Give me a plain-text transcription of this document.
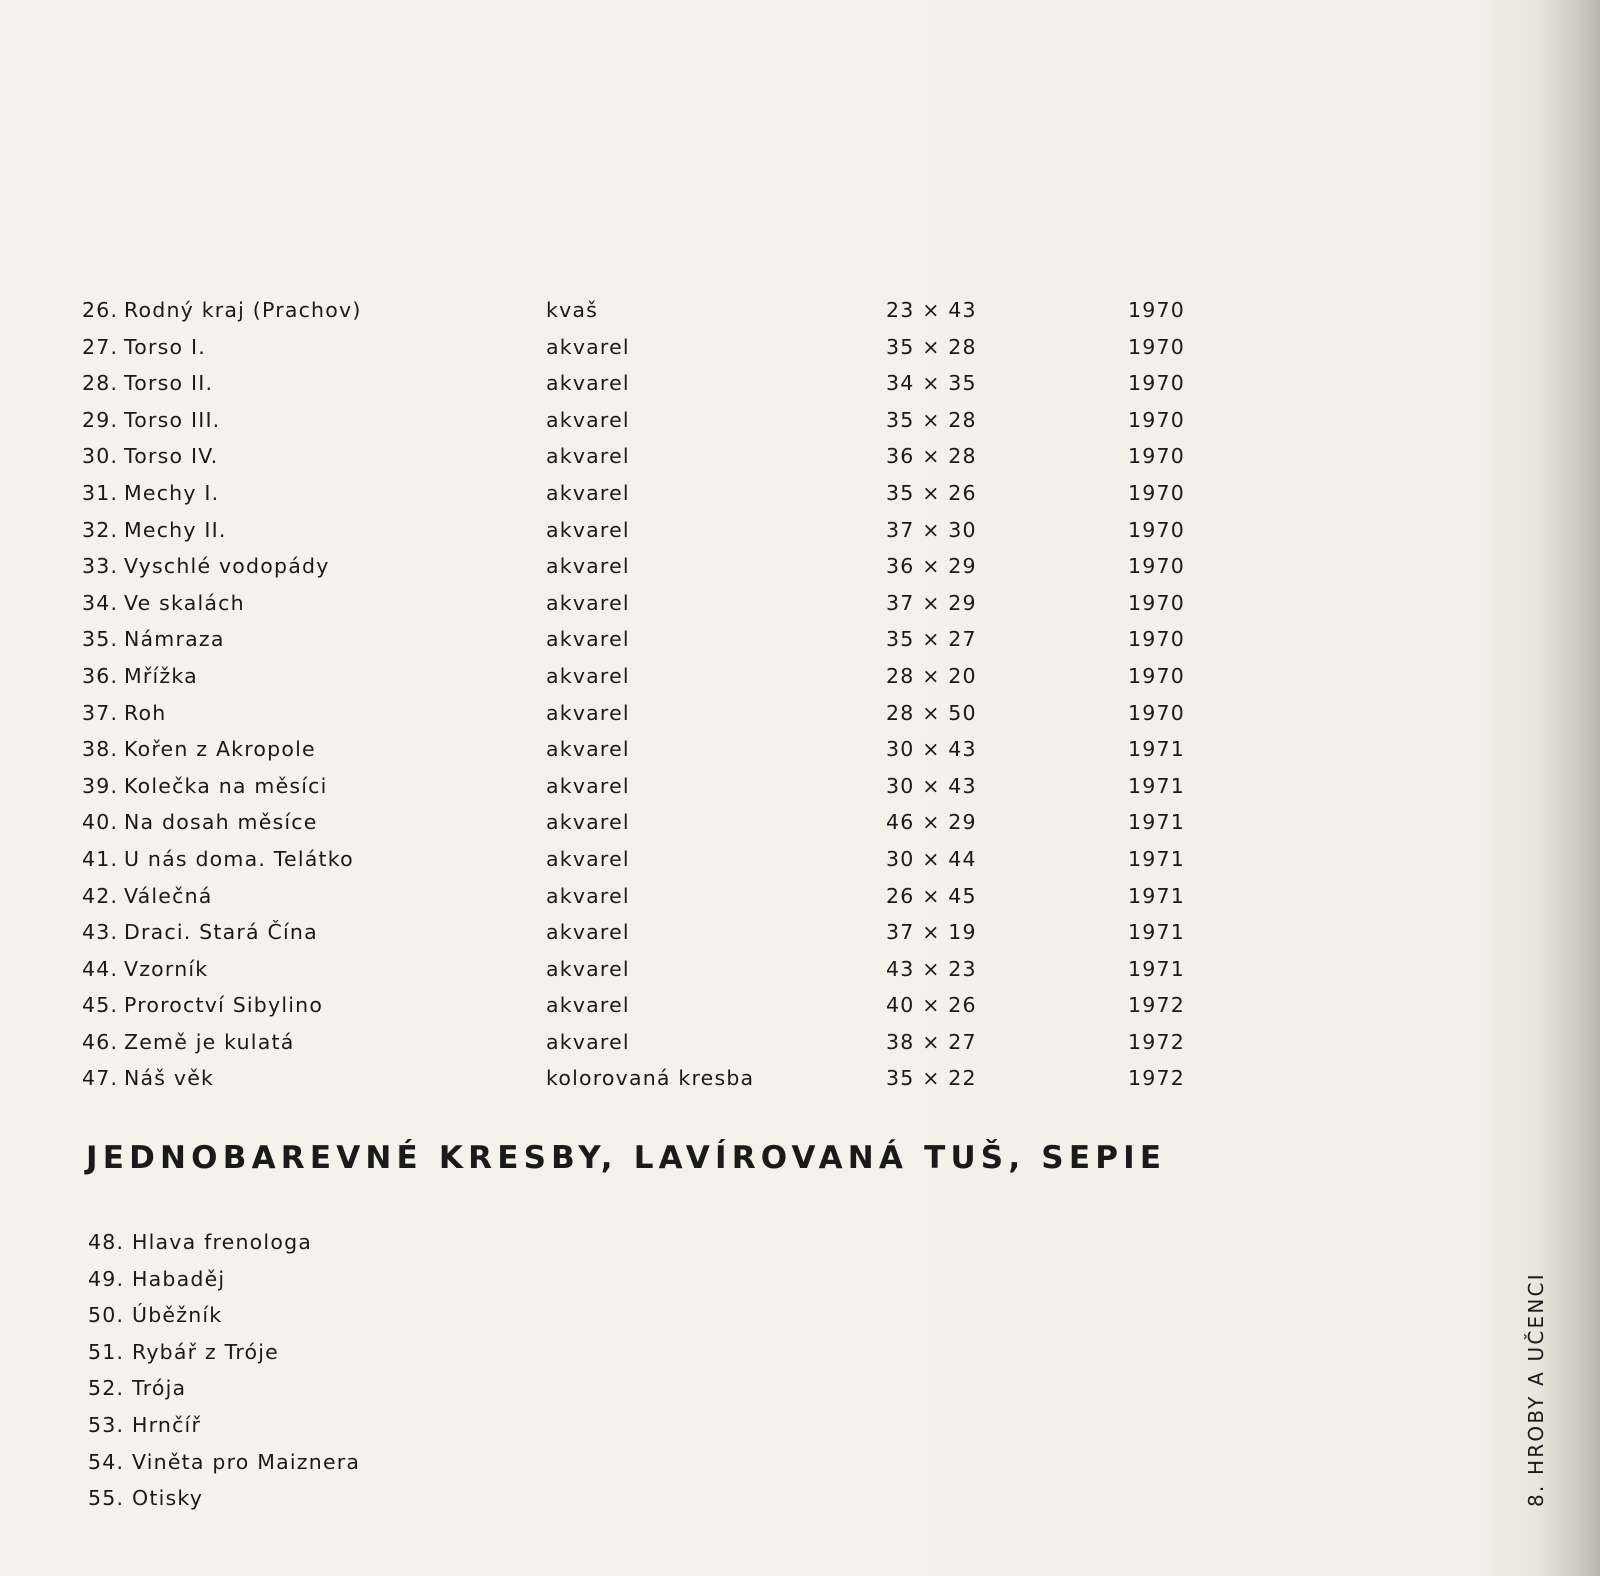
26. Rodný kraj (Prachov)	kvaš	23 × 43	1970
27. Torso I.	akvarel	35 × 28	1970
28. Torso II.	akvarel	34 × 35	1970
29. Torso III.	akvarel	35 × 28	1970
30. Torso IV.	akvarel	36 × 28	1970
31. Mechy I.	akvarel	35 × 26	1970
32. Mechy II.	akvarel	37 × 30	1970
33. Vyschlé vodopády	akvarel	36 × 29	1970
34. Ve skalách	akvarel	37 × 29	1970
35. Námraza	akvarel	35 × 27	1970
36. Mřížka	akvarel	28 × 20	1970
37. Roh	akvarel	28 × 50	1970
38. Kořen z Akropole	akvarel	30 × 43	1971
39. Kolečka na měsíci	akvarel	30 × 43	1971
40. Na dosah měsíce	akvarel	46 × 29	1971
41. U nás doma. Telátko	akvarel	30 × 44	1971
42. Válečná	akvarel	26 × 45	1971
43. Draci. Stará Čína	akvarel	37 × 19	1971
44. Vzorník	akvarel	43 × 23	1971
45. Proroctví Sibylino	akvarel	40 × 26	1972
46. Země je kulatá	akvarel	38 × 27	1972
47. Náš věk	kolorovaná kresba	35 × 22	1972
JEDNOBAREVNÉ KRESBY, LAVÍROVANÁ TUŠ, SEPIE
48. Hlava frenologa
49. Habaděj
50. Úběžník
51. Rybář z Tróje
52. Trója
53. Hrnčíř
54. Viněta pro Maiznera
55. Otisky	8. HROBY A UČENCI
